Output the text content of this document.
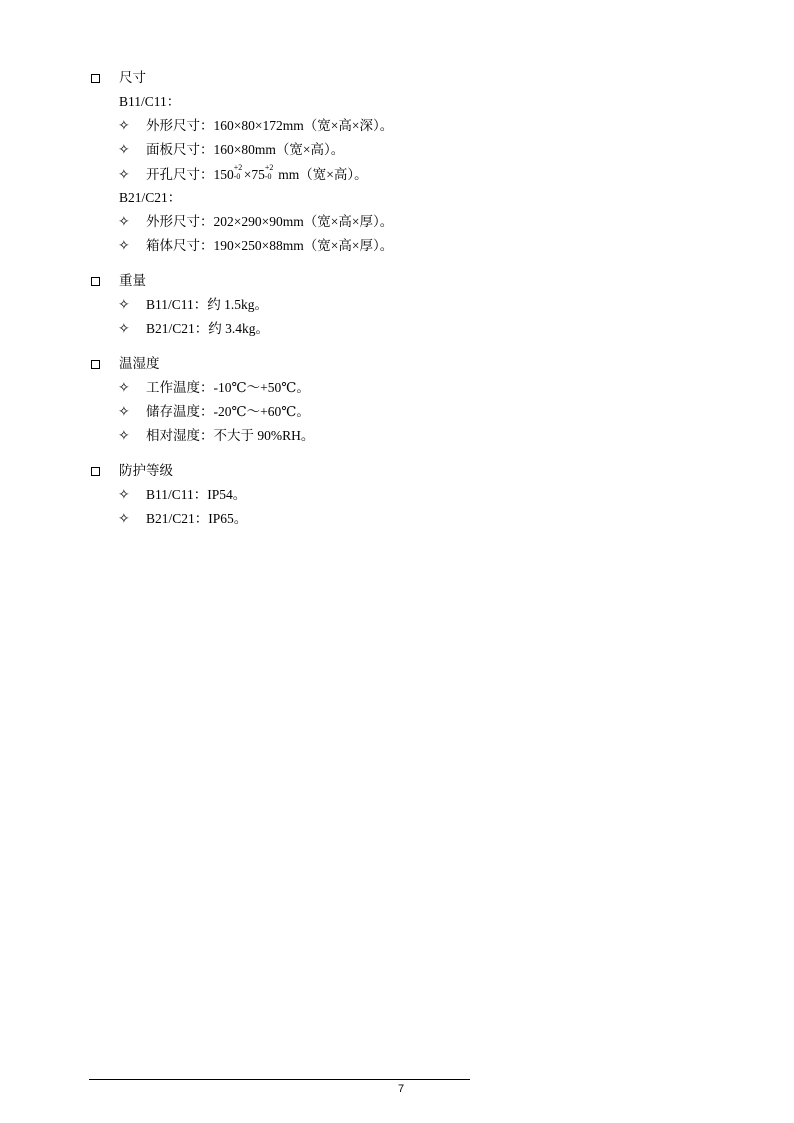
尺寸
B11/C11：
✧ 外形尺寸：160×80×172mm（宽×高×深）。
✧ 面板尺寸：160×80mm（宽×高）。
✧ 开孔尺寸：150 +2
-0 ×75 +2
-0 mm（宽×高）。
B21/C21：
✧ 外形尺寸：202×290×90mm（宽×高×厚）。
✧ 箱体尺寸：190×250×88mm（宽×高×厚）。
重量
✧ B11/C11：约 1.5kg。
✧ B21/C21：约 3.4kg。
温湿度
✧ 工作温度：-10℃～+50℃。
✧ 储存温度：-20℃～+60℃。
✧ 相对湿度：不大于 90%RH。
防护等级
✧ B11/C11：IP54。
✧ B21/C21：IP65。
7
